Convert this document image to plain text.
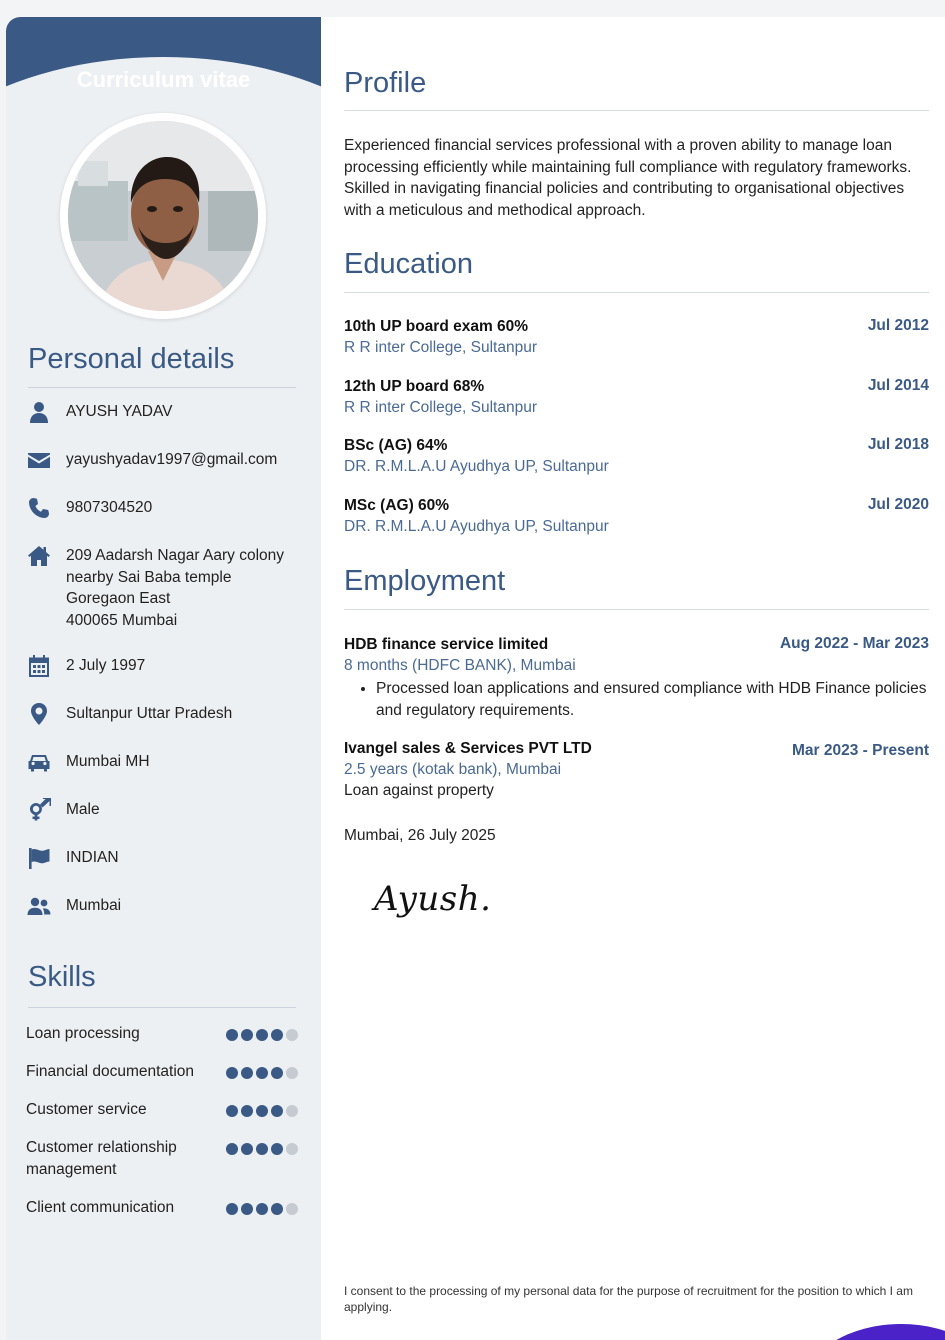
Curriculum vitae
Personal details
AYUSH YADAV
yayushyadav1997@gmail.com
9807304520
209 Aadarsh Nagar Aary colony
nearby Sai Baba temple
Goregaon East
400065 Mumbai
2 July 1997
Sultanpur Uttar Pradesh
Mumbai MH
Male
INDIAN
Mumbai
Skills
Loan processing
Financial documentation
Customer service
Customer relationship management
Client communication
Profile

Experienced financial services professional with a proven ability to manage loan processing efficiently while maintaining full compliance with regulatory frameworks. Skilled in navigating financial policies and contributing to organisational objectives with a meticulous and methodical approach.

Education
10th UP board exam 60%
R R inter College, Sultanpur
Jul 2012
12th UP board 68%
R R inter College, Sultanpur
Jul 2014
BSc (AG) 64%
DR. R.M.L.A.U Ayudhya UP, Sultanpur
Jul 2018
MSc (AG) 60%
DR. R.M.L.A.U Ayudhya UP, Sultanpur
Jul 2020
Employment
HDB finance service limited
8 months (HDFC BANK), Mumbai
Aug 2022 - Mar 2023
• Processed loan applications and ensured compliance with HDB Finance policies and regulatory requirements.
Ivangel sales & Services PVT LTD
2.5 years (kotak bank), Mumbai
Mar 2023 - Present
Loan against property
Mumbai, 26 July 2025
Ayush.

I consent to the processing of my personal data for the purpose of recruitment for the position to which I am applying.
